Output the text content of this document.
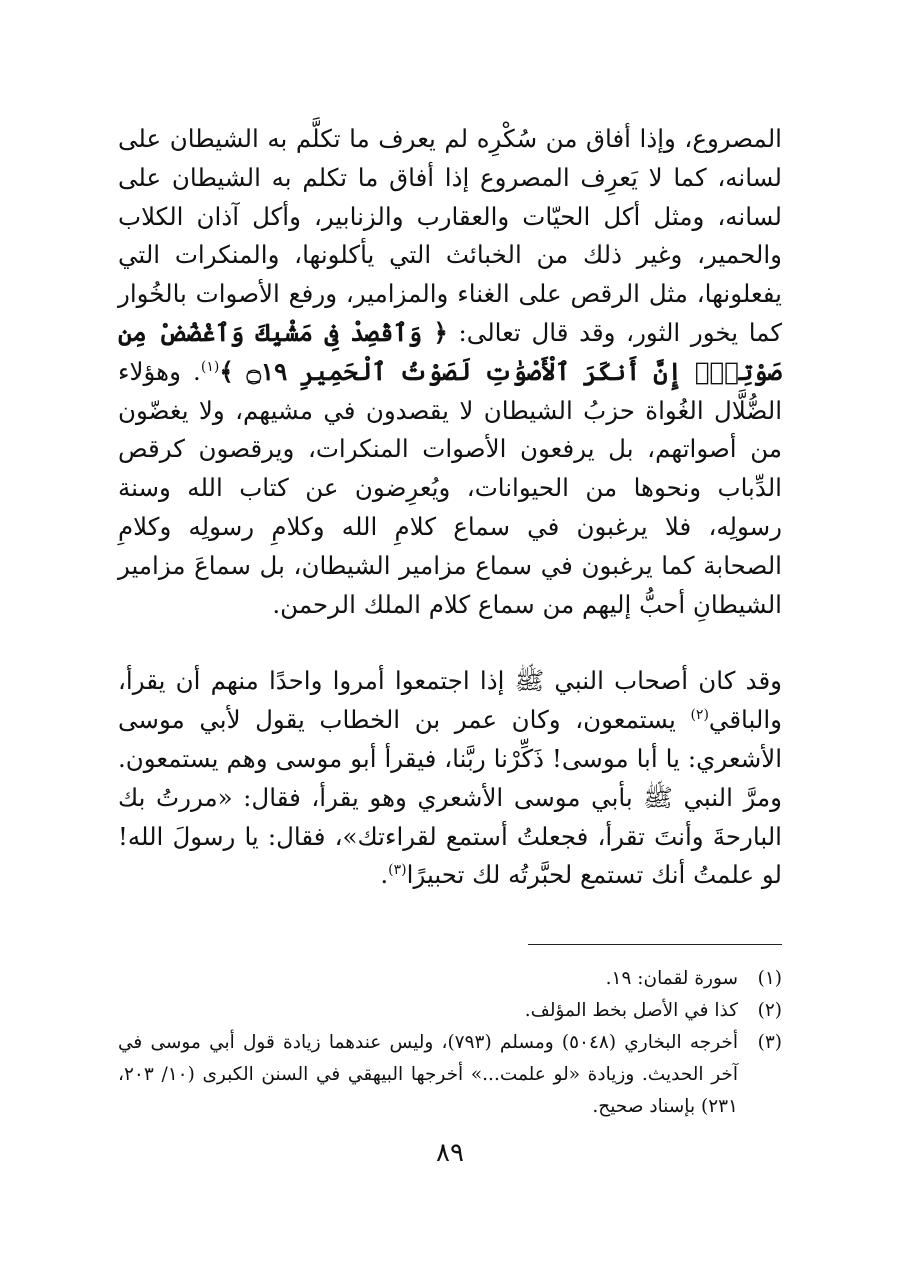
المصروع، وإذا أفاق من سُكْرِه لم يعرف ما تكلَّم به الشيطان على لسانه، كما لا يَعرِف المصروع إذا أفاق ما تكلم به الشيطان على لسانه، ومثل أكل الحيّات والعقارب والزنابير، وأكل آذان الكلاب والحمير، وغير ذلك من الخبائث التي يأكلونها، والمنكرات التي يفعلونها، مثل الرقص على الغناء والمزامير، ورفع الأصوات بالخُوار كما يخور الثور، وقد قال تعالى: ﴿ وَٱقْصِدْ فِى مَشْيِكَ وَٱغْضُضْ مِن صَوْتِكَۚ إِنَّ أَنكَرَ ٱلْأَصْوَٰتِ لَصَوْتُ ٱلْحَمِيرِ ۝١٩ ﴾$^{(١)}$. وهؤلاء الضُّلَّال الغُواة حزبُ الشيطان لا يقصدون في مشيهم، ولا يغضّون من أصواتهم، بل يرفعون الأصوات المنكرات، ويرقصون كرقص الدِّباب ونحوها من الحيوانات، ويُعرِضون عن كتاب الله وسنة رسولِه، فلا يرغبون في سماع كلامِ الله وكلامِ رسولِه وكلامِ الصحابة كما يرغبون في سماع مزامير الشيطان، بل سماعَ مزامير الشيطانِ أحبُّ إليهم من سماع كلام الملك الرحمن.

وقد كان أصحاب النبي ﷺ إذا اجتمعوا أمروا واحدًا منهم أن يقرأ، والباقي$^{(٢)}$ يستمعون، وكان عمر بن الخطاب يقول لأبي موسى الأشعري: يا أبا موسى! ذَكِّرْنا ربَّنا، فيقرأ أبو موسى وهم يستمعون. ومرَّ النبي ﷺ بأبي موسى الأشعري وهو يقرأ، فقال: «مررتُ بك البارحةَ وأنتَ تقرأ، فجعلتُ أستمع لقراءتك»، فقال: يا رسولَ الله! لو علمتُ أنك تستمع لحبَّرتُه لك تحبيرًا$^{(٣)}$.

(١)
سورة لقمان: ١٩.
(٢)
كذا في الأصل بخط المؤلف.
(٣)
أخرجه البخاري (٥٠٤٨) ومسلم (٧٩٣)، وليس عندهما زيادة قول أبي موسى في آخر الحديث. وزيادة «لو علمت...» أخرجها البيهقي في السنن الكبرى (١٠/ ٢٠٣، ٢٣١) بإسناد صحيح.
٨٩
